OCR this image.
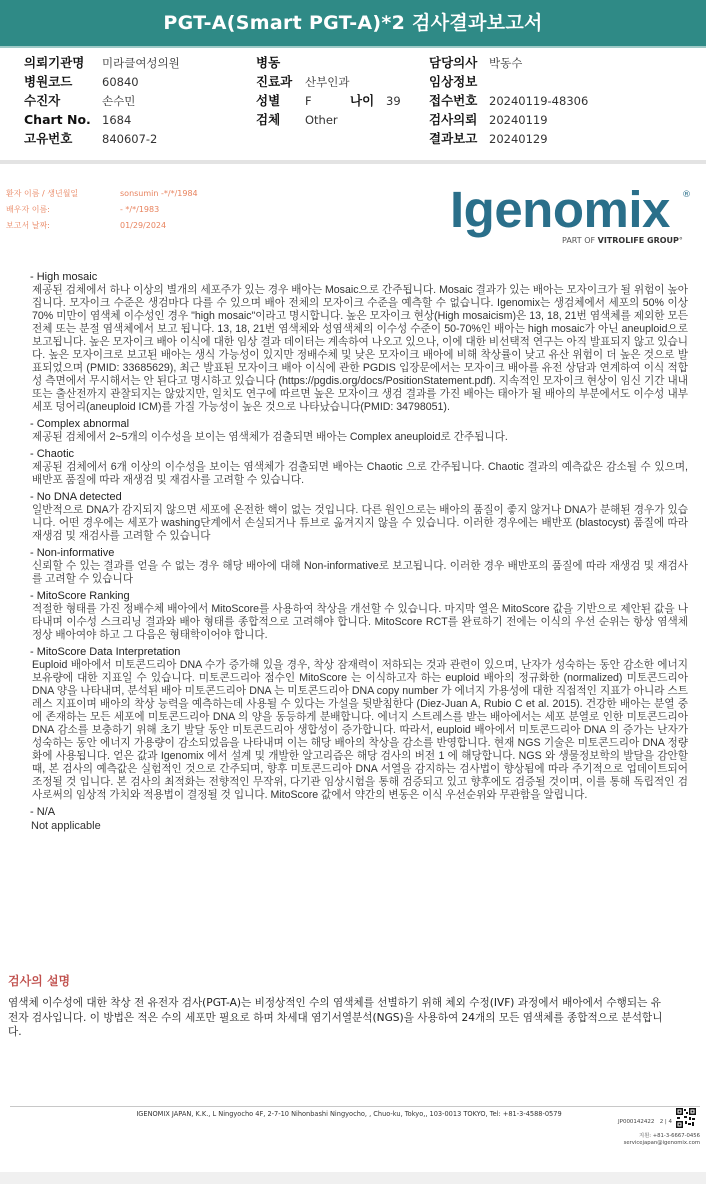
PGT-A(Smart PGT-A)*2 검사결과보고서
의뢰기관명 미라클여성의원
병원코드	60840
수진자	손수민
Chart No. 1684
고유번호	840607-2
병동
진료과 산부인과
성별 F	나이 39
검체 Other
담당의사 박동수
임상정보
접수번호 20240119-48306
검사의뢰 20240119
결과보고 20240129
환자 이름 / 생년월일	sonsumin -*/*/1984
배우자 이름:	- */*/1983
보고서 날짜:	01/29/2024	Igenomix	®
PART OF VITROLIFE GROUP°
- High mosaic
제공된 검체에서 하나 이상의 별개의 세포주가 있는 경우 배아는 Mosaic으로 간주됩니다. Mosaic 결과가 있는 배아는 모자이크가 될 위험이 높아집니다. 모자이크 수준은 생검마다 다를 수 있으며 배아 전체의 모자이크 수준을 예측할 수 없습니다. Igenomix는 생검체에서 세포의 50% 이상 70% 미만이 염색체 이수성인 경우 "high mosaic"이라고 명시합니다. 높은 모자이크 현상(High mosaicism)은 13, 18, 21번 염색체를 제외한 모든 전체 또는 분절 염색체에서 보고 됩니다. 13, 18, 21번 염색체와 성염색체의 이수성 수준이 50-70%인 배아는 high mosaic가 아닌 aneuploid으로 보고됩니다. 높은 모자이크 배아 이식에 대한 임상 결과 데이터는 계속하여 나오고 있으나, 이에 대한 비선택적 연구는 아직 발표되지 않고 있습니다. 높은 모자이크로 보고된 배아는 생식 가능성이 있지만 정배수체 및 낮은 모자이크 배아에 비해 착상률이 낮고 유산 위험이 더 높은 것으로 발표되었으며 (PMID: 33685629), 최근 발표된 모자이크 배아 이식에 관한 PGDIS 입장문에서는 모자이크 배아를 유전 상담과 연계하여 이식 적합성 측면에서 무시해서는 안 된다고 명시하고 있습니다 (https://pgdis.org/docs/PositionStatement.pdf). 지속적인 모자이크 현상이 임신 기간 내내 또는 출산전까지 관찰되지는 않았지만, 일치도 연구에 따르면 높은 모자이크 생검 결과를 가진 배아는 태아가 될 배아의 부분에서도 이수성 내부 세포 덩어리(aneuploid ICM)를 가질 가능성이 높은 것으로 나타났습니다(PMID: 34798051).
- Complex abnormal
제공된 검체에서 2~5개의 이수성을 보이는 염색체가 검출되면 배아는 Complex aneuploid로 간주됩니다.
- Chaotic
제공된 검체에서 6개 이상의 이수성을 보이는 염색체가 검출되면 배아는 Chaotic 으로 간주됩니다. Chaotic 결과의 예측값은 감소될 수 있으며, 배반포 품질에 따라 재생검 및 재검사를 고려할 수 있습니다.
- No DNA detected
일반적으로 DNA가 감지되지 않으면 세포에 온전한 핵이 없는 것입니다. 다른 원인으로는 배아의 품질이 좋지 않거나 DNA가 분해된 경우가 있습니다. 어떤 경우에는 세포가 washing단계에서 손실되거나 튜브로 옮겨지지 않을 수 있습니다. 이러한 경우에는 배반포 (blastocyst) 품질에 따라 재생검 및 재검사를 고려할 수 있습니다
- Non-informative
신뢰할 수 있는 결과를 얻을 수 없는 경우 해당 배아에 대해 Non-informative로 보고됩니다. 이러한 경우 배반포의 품질에 따라 재생검 및 재검사를 고려할 수 있습니다
- MitoScore Ranking
적절한 형태를 가진 정배수체 배아에서 MitoScore를 사용하여 착상을 개선할 수 있습니다. 마지막 열은 MitoScore 값을 기반으로 제안된 값을 나타내며 이수성 스크리닝 결과와 배아 형태를 종합적으로 고려해야 합니다. MitoScore RCT를 완료하기 전에는 이식의 우선 순위는 항상 염색체 정상 배아여야 하고 그 다음은 형태학이어야 합니다.
- MitoScore Data Interpretation
Euploid 배아에서 미토콘드리아 DNA 수가 증가해 있을 경우, 착상 잠재력이 저하되는 것과 관련이 있으며, 난자가 성숙하는 동안 감소한 에너지 보유량에 대한 지표일 수 있습니다. 미토콘드리아 점수인 MitoScore 는 이식하고자 하는 euploid 배아의 정규화한 (normalized) 미토콘드리아 DNA 양을 나타내며, 분석된 배아 미토콘드리아 DNA 는 미토콘드리아 DNA copy number 가 에너지 가용성에 대한 직접적인 지표가 아니라 스트레스 지표이며 배아의 착상 능력을 예측하는데 사용될 수 있다는 가설을 뒷받침한다 (Diez-Juan A, Rubio C et al. 2015). 건강한 배아는 분열 중에 존재하는 모든 세포에 미토콘드리아 DNA 의 양을 동등하게 분배합니다. 에너지 스트레스를 받는 배아에서는 세포 분열로 인한 미토콘드리아 DNA 감소를 보충하기 위해 초기 발달 동안 미토콘드리아 생합성이 증가합니다. 따라서, euploid 배아에서 미토콘드리아 DNA 의 증가는 난자가 성숙하는 동안 에너지 가용량이 감소되었음을 나타내며 이는 해당 배아의 착상을 감소를 반영합니다. 현재 NGS 기술은 미토콘드리아 DNA 정량화에 사용됩니다. 얻은 값과 Igenomix 에서 설계 및 개발한 알고리즘은 해당 검사의 버전 1 에 해당합니다. NGS 와 생물정보학의 발달을 감안할 때, 본 검사의 예측값은 실험적인 것으로 간주되며, 향후 미토콘드리아 DNA 서열을 감지하는 검사법이 향상됨에 따라 주기적으로 업데이트되어 조정될 것 입니다. 본 검사의 최적화는 전향적인 무작위, 다기관 임상시험을 통해 검증되고 있고 향후에도 검증될 것이며, 이를 통해 독립적인 검사로써의 임상적 가치와 적용법이 결정될 것 입니다. MitoScore 값에서 약간의 변동은 이식 우선순위와 무관함을 알립니다.
- N/A
Not applicable
검사의 설명
염색체 이수성에 대한 착상 전 유전자 검사(PGT-A)는 비정상적인 수의 염색체를 선별하기 위해 체외 수정(IVF) 과정에서 배아에서 수행되는 유전자 검사입니다. 이 방법은 적은 수의 세포만 필요로 하며 차세대 염기서열분석(NGS)을 사용하여 24개의 모든 염색체를 종합적으로 분석합니다.
IGENOMIX JAPAN, K.K., L Ningyocho 4F, 2-7-10 Nihonbashi Ningyocho, , Chuo-ku, Tokyo,, 103-0013 TOKYO, Tel: +81-3-4588-0579
JP000142422 2 | 4
지원: +81-3-6667-0456
servicejapan@igenomix.com
